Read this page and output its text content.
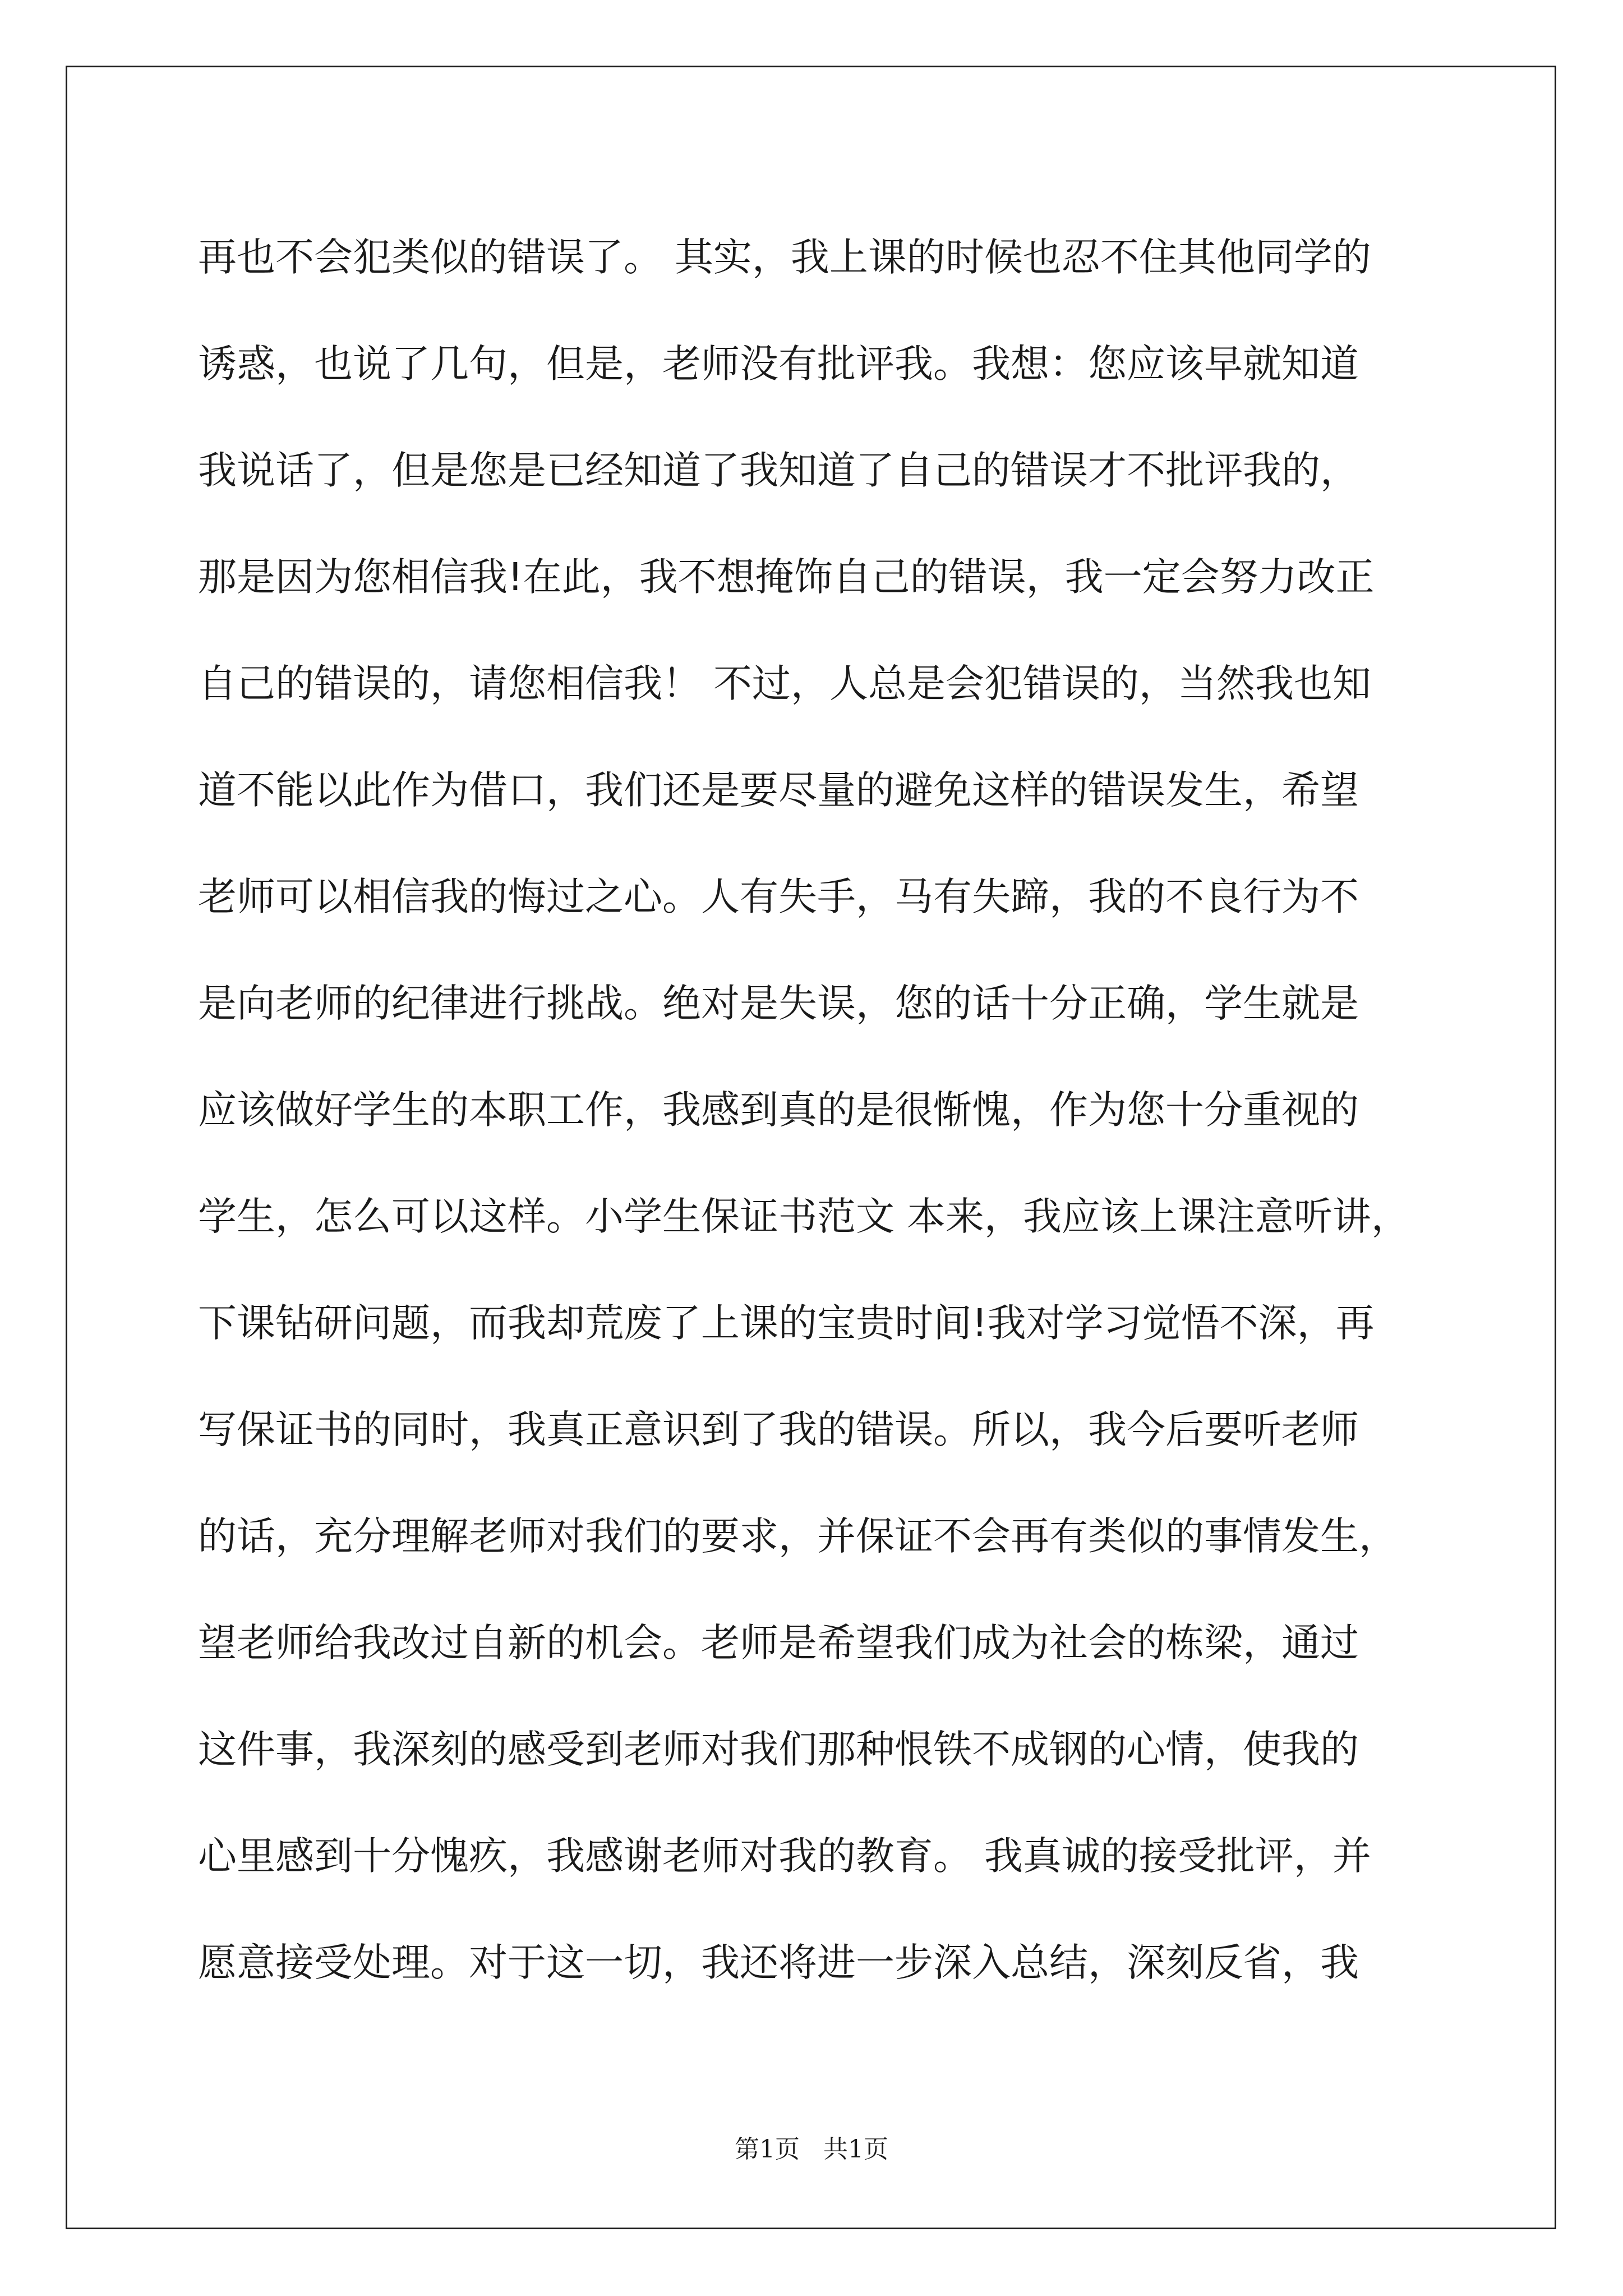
再也不会犯类似的错误了。 其实，我上课的时候也忍不住其他同学的
诱惑，也说了几句，但是，老师没有批评我。我想：您应该早就知道
我说话了，但是您是已经知道了我知道了自己的错误才不批评我的，
那是因为您相信我!在此，我不想掩饰自己的错误，我一定会努力改正
自己的错误的，请您相信我！ 不过，人总是会犯错误的，当然我也知
道不能以此作为借口，我们还是要尽量的避免这样的错误发生，希望
老师可以相信我的悔过之心。人有失手，马有失蹄，我的不良行为不
是向老师的纪律进行挑战。绝对是失误，您的话十分正确，学生就是
应该做好学生的本职工作，我感到真的是很惭愧，作为您十分重视的
学生，怎么可以这样。小学生保证书范文 本来，我应该上课注意听讲，
下课钻研问题，而我却荒废了上课的宝贵时间!我对学习觉悟不深，再
写保证书的同时，我真正意识到了我的错误。所以，我今后要听老师
的话，充分理解老师对我们的要求，并保证不会再有类似的事情发生，
望老师给我改过自新的机会。老师是希望我们成为社会的栋梁，通过
这件事，我深刻的感受到老师对我们那种恨铁不成钢的心情，使我的
心里感到十分愧疚，我感谢老师对我的教育。 我真诚的接受批评，并
愿意接受处理。对于这一切，我还将进一步深入总结，深刻反省，我
第1页   共1页
